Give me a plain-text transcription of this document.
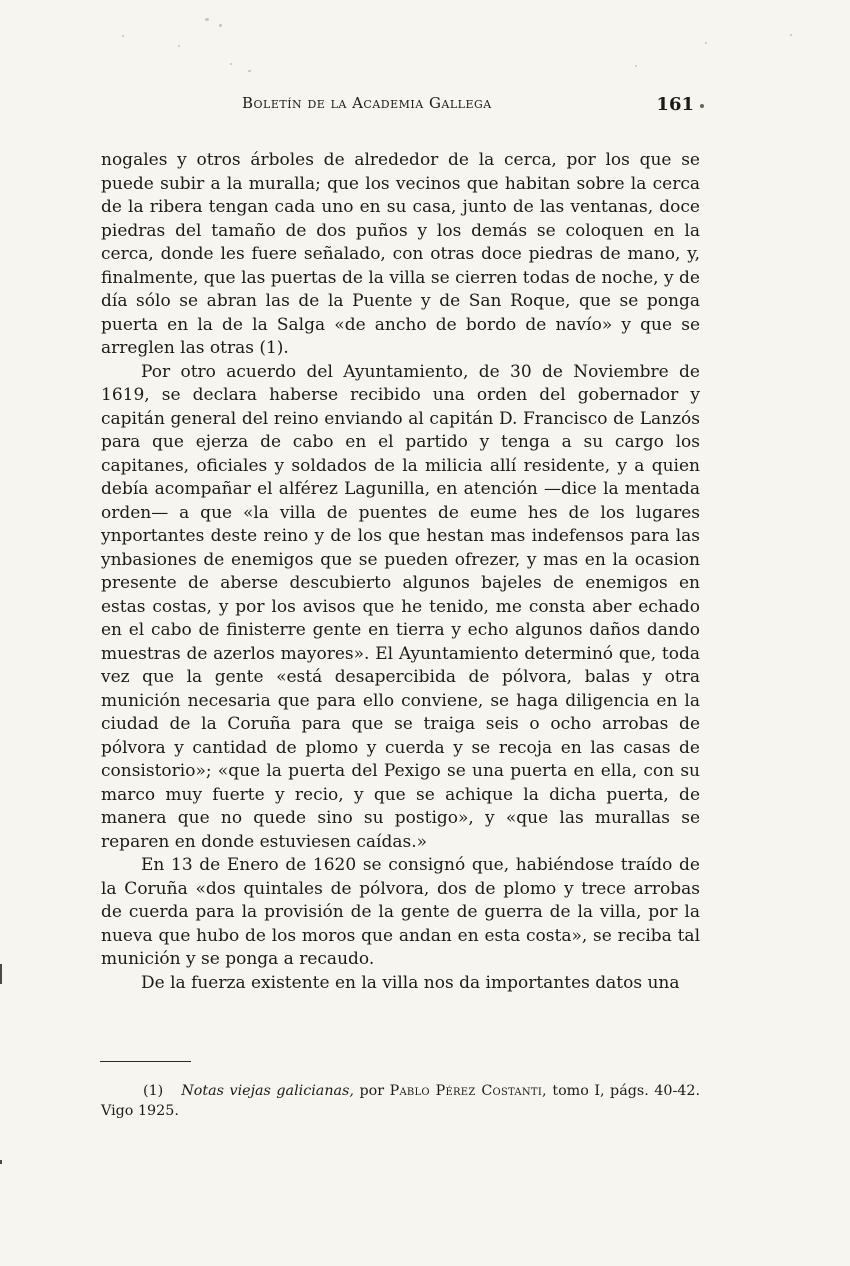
Boletín de la Academia Gallega	161

nogales y otros árboles de alrededor de la cerca, por los que se puede subir a la muralla; que los vecinos que habitan sobre la cerca de la ribera tengan cada uno en su casa, junto de las ventanas, doce piedras del tamaño de dos puños y los demás se coloquen en la cerca, donde les fuere señalado, con otras doce piedras de mano, y, finalmente, que las puertas de la villa se cierren todas de noche, y de día sólo se abran las de la Puente y de San Roque, que se ponga puerta en la de la Salga «de ancho de bordo de navío» y que se arreglen las otras (1).

Por otro acuerdo del Ayuntamiento, de 30 de Noviembre de 1619, se declara haberse recibido una orden del gobernador y capitán general del reino enviando al capitán D. Francisco de Lanzós para que ejerza de cabo en el partido y tenga a su cargo los capitanes, oficiales y soldados de la milicia allí residente, y a quien debía acompañar el alférez Lagunilla, en atención —dice la mentada orden— a que «la villa de puentes de eume hes de los lugares ynportantes deste reino y de los que hestan mas indefensos para las ynbasiones de enemigos que se pueden ofrezer, y mas en la ocasion presente de aberse descubierto algunos bajeles de enemigos en estas costas, y por los avisos que he tenido, me consta aber echado en el cabo de finisterre gente en tierra y echo algunos daños dando muestras de azerlos mayores». El Ayuntamiento determinó que, toda vez que la gente «está desapercibida de pólvora, balas y otra munición necesaria que para ello conviene, se haga diligencia en la ciudad de la Coruña para que se traiga seis o ocho arrobas de pólvora y cantidad de plomo y cuerda y se recoja en las casas de consistorio»; «que la puerta del Pexigo se una puerta en ella, con su marco muy fuerte y recio, y que se achique la dicha puerta, de manera que no quede sino su postigo», y «que las murallas se reparen en donde estuviesen caídas.»

En 13 de Enero de 1620 se consignó que, habiéndose traído de la Coruña «dos quintales de pólvora, dos de plomo y trece arrobas de cuerda para la provisión de la gente de guerra de la villa, por la nueva que hubo de los moros que andan en esta costa», se reciba tal munición y se ponga a recaudo.

De la fuerza existente en la villa nos da importantes datos una

(1) Notas viejas galicianas, por Pablo Pérez Costanti, tomo I, págs. 40-42. Vigo 1925.
